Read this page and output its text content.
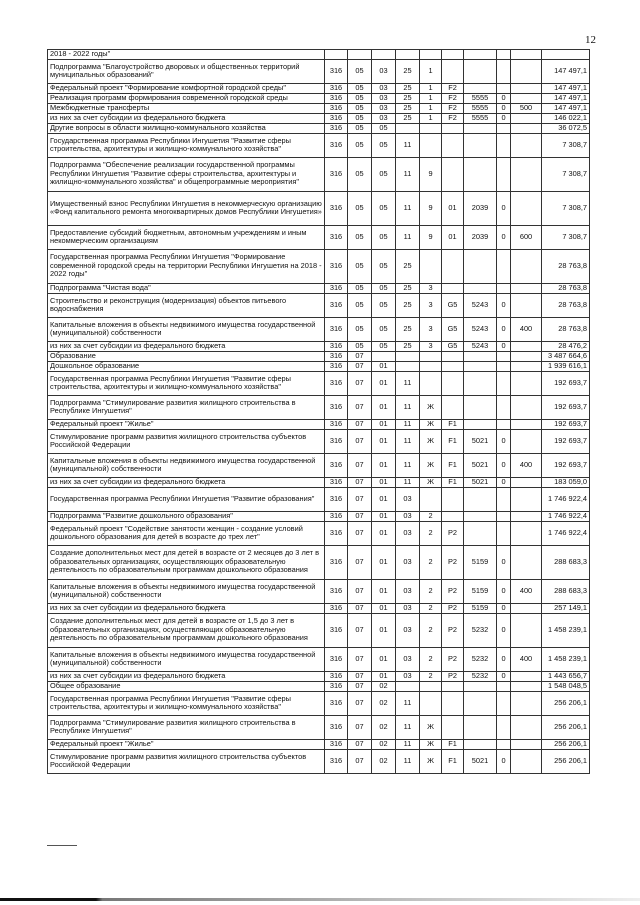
12
2018 - 2022 годы"										
Подпрограмма "Благоустройство дворовых и общественных территорий муниципальных образований"	316	05	03	25	1					147 497,1
Федеральный проект "Формирование комфортной городской среды"	316	05	03	25	1	F2				147 497,1
Реализация программ формирования современной городской среды	316	05	03	25	1	F2	5555	0		147 497,1
Межбюджетные трансферты	316	05	03	25	1	F2	5555	0	500	147 497,1
из них за счет субсидии из федерального бюджета	316	05	03	25	1	F2	5555	0		146 022,1
Другие вопросы в области жилищно-коммунального хозяйства	316	05	05							36 072,5
Государственная программа Республики Ингушетия "Развитие сферы строительства, архитектуры и жилищно-коммунального хозяйства"	316	05	05	11						7 308,7
Подпрограмма "Обеспечение реализации государственной программы Республики Ингушетия "Развитие сферы строительства, архитектуры и жилищно-коммунального хозяйства" и общепрограммные мероприятия"	316	05	05	11	9					7 308,7
Имущественный взнос Республики Ингушетия в некоммерческую организацию «Фонд капитального ремонта многоквартирных домов Республики Ингушетия»	316	05	05	11	9	01	2039	0		7 308,7
Предоставление субсидий бюджетным, автономным учреждениям и иным некоммерческим организациям	316	05	05	11	9	01	2039	0	600	7 308,7
Государственная программа Республики Ингушетия "Формирование современной городской среды на территории Республики Ингушетия на 2018 - 2022 годы"	316	05	05	25						28 763,8
Подпрограмма "Чистая вода"	316	05	05	25	3					28 763,8
Строительство и реконструкция (модернизация) объектов питьевого водоснабжения	316	05	05	25	3	G5	5243	0		28 763,8
Капитальные вложения в объекты недвижимого имущества государственной (муниципальной) собственности	316	05	05	25	3	G5	5243	0	400	28 763,8
из них за счет субсидии из федерального бюджета	316	05	05	25	3	G5	5243	0		28 476,2
Образование	316	07								3 487 664,6
Дошкольное образование	316	07	01							1 939 616,1
Государственная программа Республики Ингушетия "Развитие сферы строительства, архитектуры и жилищно-коммунального хозяйства"	316	07	01	11						192 693,7
Подпрограмма "Стимулирование развития жилищного строительства в Республике Ингушетия"	316	07	01	11	Ж					192 693,7
Федеральный проект "Жилье"	316	07	01	11	Ж	F1				192 693,7
Стимулирование программ развития жилищного строительства субъектов Российской Федерации	316	07	01	11	Ж	F1	5021	0		192 693,7
Капитальные вложения в объекты недвижимого имущества государственной (муниципальной) собственности	316	07	01	11	Ж	F1	5021	0	400	192 693,7
из них за счет субсидии из федерального бюджета	316	07	01	11	Ж	F1	5021	0		183 059,0
Государственная программа Республики Ингушетия "Развитие образования"	316	07	01	03						1 746 922,4
Подпрограмма "Развитие дошкольного образования"	316	07	01	03	2					1 746 922,4
Федеральный проект "Содействие занятости женщин - создание условий дошкольного образования для детей в возрасте до трех лет"	316	07	01	03	2	P2				1 746 922,4
Создание дополнительных мест для детей в возрасте от 2 месяцев до 3 лет в образовательных организациях, осуществляющих образовательную деятельность по образовательным программам дошкольного образования	316	07	01	03	2	P2	5159	0		288 683,3
Капитальные вложения в объекты недвижимого имущества государственной (муниципальной) собственности	316	07	01	03	2	P2	5159	0	400	288 683,3
из них за счет субсидии из федерального бюджета	316	07	01	03	2	P2	5159	0		257 149,1
Создание дополнительных мест для детей в возрасте от 1,5 до 3 лет в образовательных организациях, осуществляющих образовательную деятельность по образовательным программам дошкольного образования	316	07	01	03	2	P2	5232	0		1 458 239,1
Капитальные вложения в объекты недвижимого имущества государственной (муниципальной) собственности	316	07	01	03	2	P2	5232	0	400	1 458 239,1
из них за счет субсидии из федерального бюджета	316	07	01	03	2	P2	5232	0		1 443 656,7
Общее образование	316	07	02							1 548 048,5
Государственная программа Республики Ингушетия "Развитие сферы строительства, архитектуры и жилищно-коммунального хозяйства"	316	07	02	11						256 206,1
Подпрограмма "Стимулирование развития жилищного строительства в Республике Ингушетия"	316	07	02	11	Ж					256 206,1
Федеральный проект "Жилье"	316	07	02	11	Ж	F1				256 206,1
Стимулирование программ развития жилищного строительства субъектов Российской Федерации	316	07	02	11	Ж	F1	5021	0		256 206,1
